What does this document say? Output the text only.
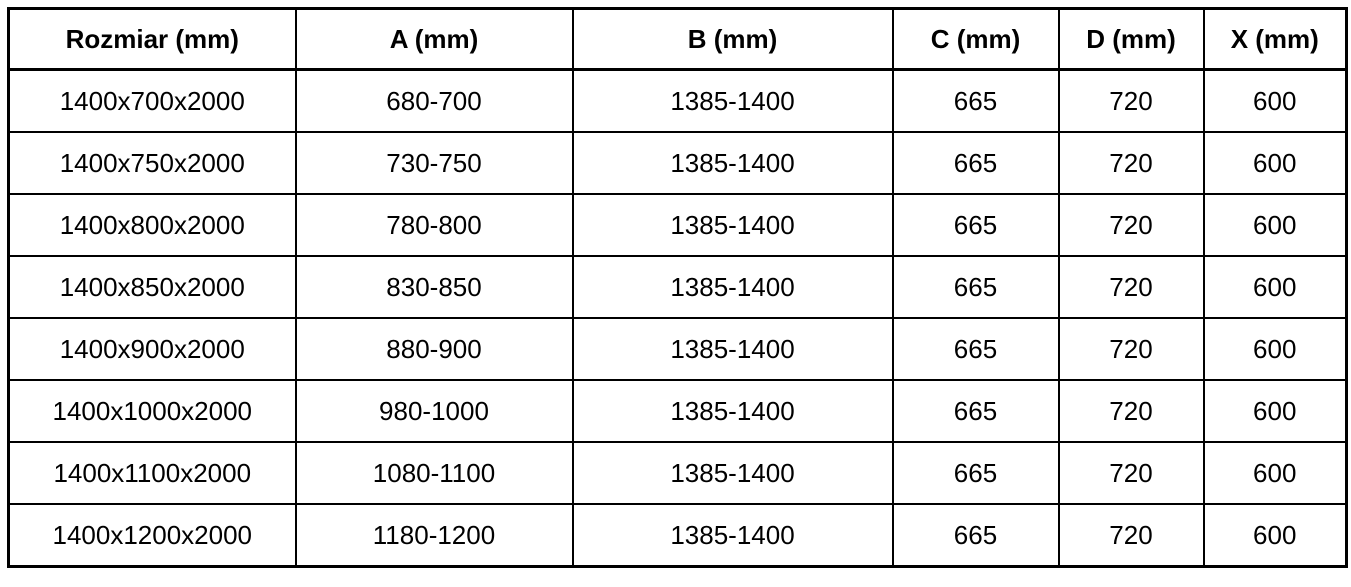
Rozmiar (mm)	A (mm)	B (mm)	C (mm)	D (mm)	X (mm)
1400x700x2000	680-700	1385-1400	665	720	600
1400x750x2000	730-750	1385-1400	665	720	600
1400x800x2000	780-800	1385-1400	665	720	600
1400x850x2000	830-850	1385-1400	665	720	600
1400x900x2000	880-900	1385-1400	665	720	600
1400x1000x2000	980-1000	1385-1400	665	720	600
1400x1100x2000	1080-1100	1385-1400	665	720	600
1400x1200x2000	1180-1200	1385-1400	665	720	600
